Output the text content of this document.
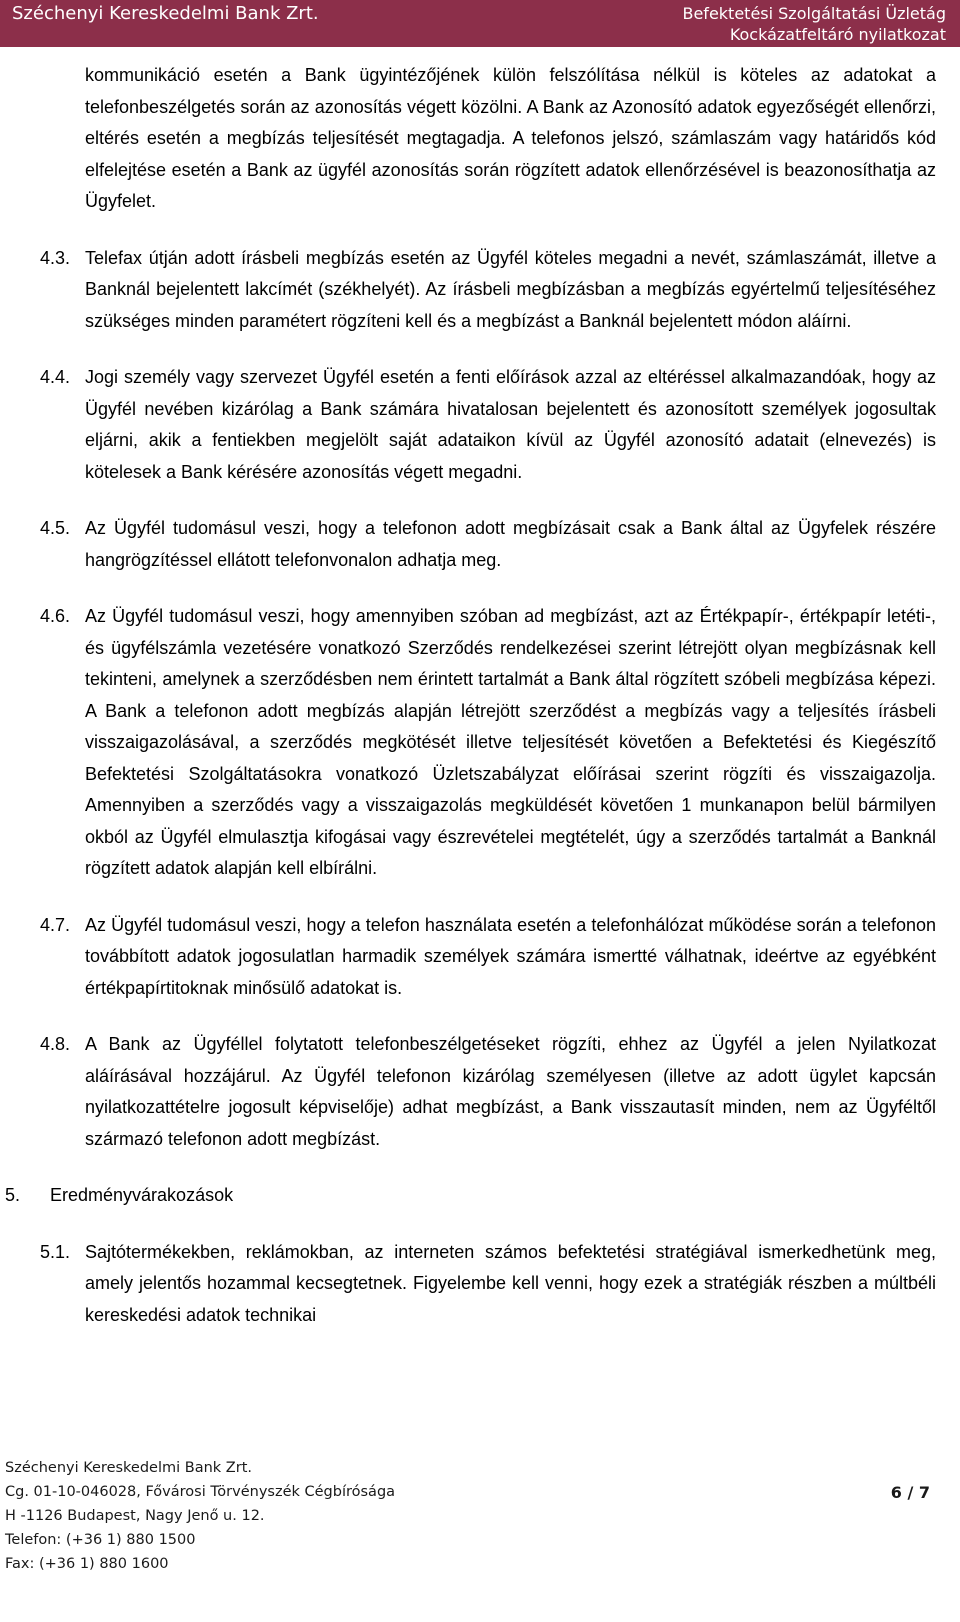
Széchenyi Kereskedelmi Bank Zrt.	Befektetési Szolgáltatási Üzletág
Kockázatfeltáró nyilatkozat
kommunikáció esetén a Bank ügyintézőjének külön felszólítása nélkül is köteles az adatokat a telefonbeszélgetés során az azonosítás végett közölni. A Bank az Azonosító adatok egyezőségét ellenőrzi, eltérés esetén a megbízás teljesítését megtagadja. A telefonos jelszó, számlaszám vagy határidős kód elfelejtése esetén a Bank az ügyfél azonosítás során rögzített adatok ellenőrzésével is beazonosíthatja az Ügyfelet.
4.3. Telefax útján adott írásbeli megbízás esetén az Ügyfél köteles megadni a nevét, számlaszámát, illetve a Banknál bejelentett lakcímét (székhelyét). Az írásbeli megbízásban a megbízás egyértelmű teljesítéséhez szükséges minden paramétert rögzíteni kell és a megbízást a Banknál bejelentett módon aláírni.
4.4. Jogi személy vagy szervezet Ügyfél esetén a fenti előírások azzal az eltéréssel alkalmazandóak, hogy az Ügyfél nevében kizárólag a Bank számára hivatalosan bejelentett és azonosított személyek jogosultak eljárni, akik a fentiekben megjelölt saját adataikon kívül az Ügyfél azonosító adatait (elnevezés) is kötelesek a Bank kérésére azonosítás végett megadni.
4.5. Az Ügyfél tudomásul veszi, hogy a telefonon adott megbízásait csak a Bank által az Ügyfelek részére hangrögzítéssel ellátott telefonvonalon adhatja meg.
4.6. Az Ügyfél tudomásul veszi, hogy amennyiben szóban ad megbízást, azt az Értékpapír-, értékpapír letéti-, és ügyfélszámla vezetésére vonatkozó Szerződés rendelkezései szerint létrejött olyan megbízásnak kell tekinteni, amelynek a szerződésben nem érintett tartalmát a Bank által rögzített szóbeli megbízása képezi. A Bank a telefonon adott megbízás alapján létrejött szerződést a megbízás vagy a teljesítés írásbeli visszaigazolásával, a szerződés megkötését illetve teljesítését követően a Befektetési és Kiegészítő Befektetési Szolgáltatásokra vonatkozó Üzletszabályzat előírásai szerint rögzíti és visszaigazolja. Amennyiben a szerződés vagy a visszaigazolás megküldését követően 1 munkanapon belül bármilyen okból az Ügyfél elmulasztja kifogásai vagy észrevételei megtételét, úgy a szerződés tartalmát a Banknál rögzített adatok alapján kell elbírálni.
4.7. Az Ügyfél tudomásul veszi, hogy a telefon használata esetén a telefonhálózat működése során a telefonon továbbított adatok jogosulatlan harmadik személyek számára ismertté válhatnak, ideértve az egyébként értékpapírtitoknak minősülő adatokat is.
4.8. A Bank az Ügyféllel folytatott telefonbeszélgetéseket rögzíti, ehhez az Ügyfél a jelen Nyilatkozat aláírásával hozzájárul. Az Ügyfél telefonon kizárólag személyesen (illetve az adott ügylet kapcsán nyilatkozattételre jogosult képviselője) adhat megbízást, a Bank visszautasít minden, nem az Ügyféltől származó telefonon adott megbízást.
5. Eredményvárakozások
5.1. Sajtótermékekben, reklámokban, az interneten számos befektetési stratégiával ismerkedhetünk meg, amely jelentős hozammal kecsegtetnek. Figyelembe kell venni, hogy ezek a stratégiák részben a múltbéli kereskedési adatok technikai
Széchenyi Kereskedelmi Bank Zrt.
Cg. 01-10-046028, Fővárosi Törvényszék Cégbírósága
H -1126 Budapest, Nagy Jenő u. 12.
Telefon: (+36 1) 880 1500
Fax: (+36 1) 880 1600
6 / 7
